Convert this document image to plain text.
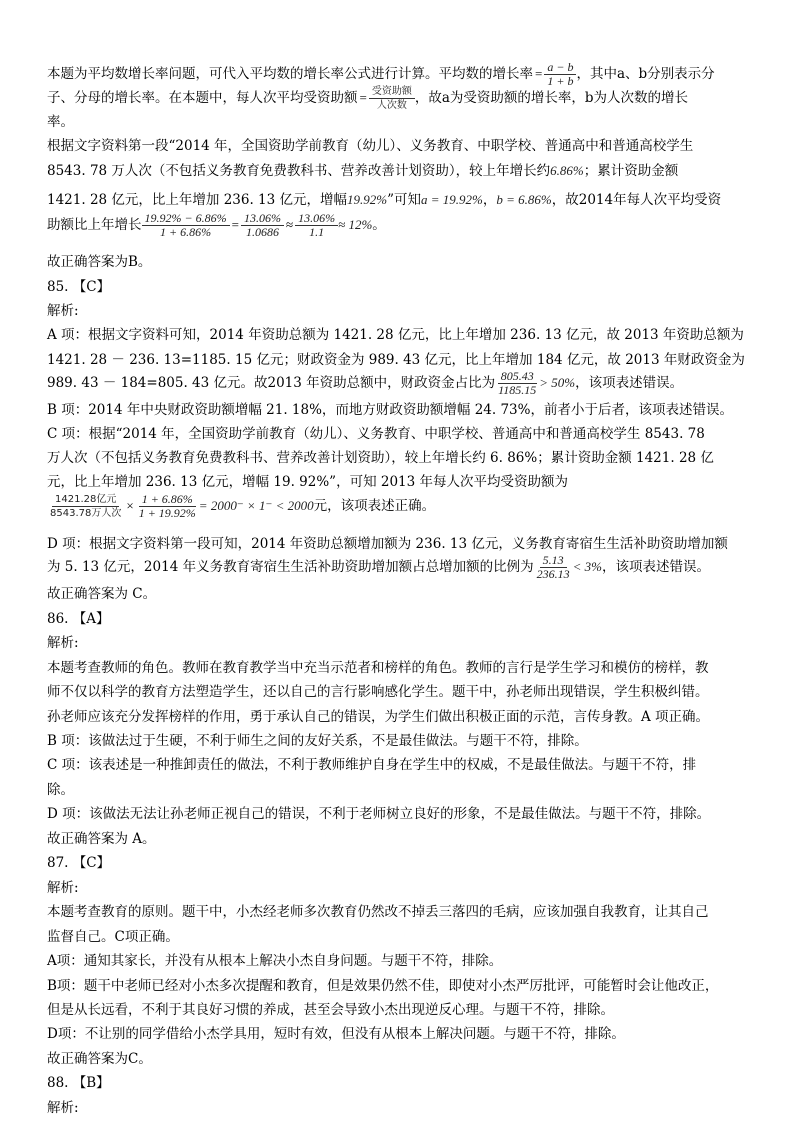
本题为平均数增长率问题，可代入平均数的增长率公式进行计算。平均数的增长率 = $\frac{a - b}{1 + b}$ ，其中a、b分别表示分
子、分母的增长率。在本题中，每人次平均受资助额 = $\frac{\text{受资助额}}{\text{人次数}}$ ，故a为受资助额的增长率，b为人次数的增长
率。
根据文字资料第一段“2014 年，全国资助学前教育（幼儿）、义务教育、中职学校、普通高中和普通高校学生
8543. 78 万人次（不包括义务教育免费教科书、营养改善计划资助），较上年增长约6.86%；累计资助金额
1421. 28 亿元，比上年增加 236. 13 亿元，增幅19.92%”可知a = 19.92%，b = 6.86%，故2014年每人次平均受资
助额比上年增长 $\frac{19.92\% - 6.86\%}{1 + 6.86\%} = \frac{13.06\%}{1.0686} \approx \frac{13.06\%}{1.1} \approx 12\%$。
故正确答案为B。
85. 【C】
解析:
A 项：根据文字资料可知，2014 年资助总额为 1421. 28 亿元，比上年增加 236. 13 亿元，故 2013 年资助总额为
1421. 28 － 236. 13=1185. 15 亿元；财政资金为 989. 43 亿元，比上年增加 184 亿元，故 2013 年财政资金为
989. 43 － 184=805. 43 亿元。故2013 年资助总额中，财政资金占比为 $\frac{805.43}{1185.15} > 50\%$，该项表述错误。
B 项：2014 年中央财政资助额增幅 21. 18%，而地方财政资助额增幅 24. 73%，前者小于后者，该项表述错误。
C 项：根据“2014 年，全国资助学前教育（幼儿）、义务教育、中职学校、普通高中和普通高校学生 8543. 78
万人次（不包括义务教育免费教科书、营养改善计划资助），较上年增长约 6. 86%；累计资助金额 1421. 28 亿
元，比上年增加 236. 13 亿元，增幅 19. 92%”，可知 2013 年每人次平均受资助额为
$\frac{\text{1421.28亿元}}{\text{8543.78万人次}} \times \frac{1 + 6.86\%}{1 + 19.92\%} = 2000^- \times 1^- < 2000$元，该项表述正确。
D 项：根据文字资料第一段可知，2014 年资助总额增加额为 236. 13 亿元，义务教育寄宿生生活补助资助增加额
为 5. 13 亿元，2014 年义务教育寄宿生生活补助资助增加额占总增加额的比例为 $\frac{5.13}{236.13} < 3\%$，该项表述错误。
故正确答案为 C。
86. 【A】
解析:
本题考查教师的角色。教师在教育教学当中充当示范者和榜样的角色。教师的言行是学生学习和模仿的榜样，教
师不仅以科学的教育方法塑造学生，还以自己的言行影响感化学生。题干中，孙老师出现错误，学生积极纠错。
孙老师应该充分发挥榜样的作用，勇于承认自己的错误，为学生们做出积极正面的示范，言传身教。A 项正确。
B 项：该做法过于生硬，不利于师生之间的友好关系，不是最佳做法。与题干不符，排除。
C 项：该表述是一种推卸责任的做法，不利于教师维护自身在学生中的权威，不是最佳做法。与题干不符，排
除。
D 项：该做法无法让孙老师正视自己的错误，不利于老师树立良好的形象，不是最佳做法。与题干不符，排除。
故正确答案为 A。
87. 【C】
解析:
本题考查教育的原则。题干中，小杰经老师多次教育仍然改不掉丢三落四的毛病，应该加强自我教育，让其自己
监督自己。C项正确。
A项：通知其家长，并没有从根本上解决小杰自身问题。与题干不符，排除。
B项：题干中老师已经对小杰多次提醒和教育，但是效果仍然不佳，即使对小杰严厉批评，可能暂时会让他改正，
但是从长远看，不利于其良好习惯的养成，甚至会导致小杰出现逆反心理。与题干不符，排除。
D项：不让别的同学借给小杰学具用，短时有效，但没有从根本上解决问题。与题干不符，排除。
故正确答案为C。
88. 【B】
解析:
